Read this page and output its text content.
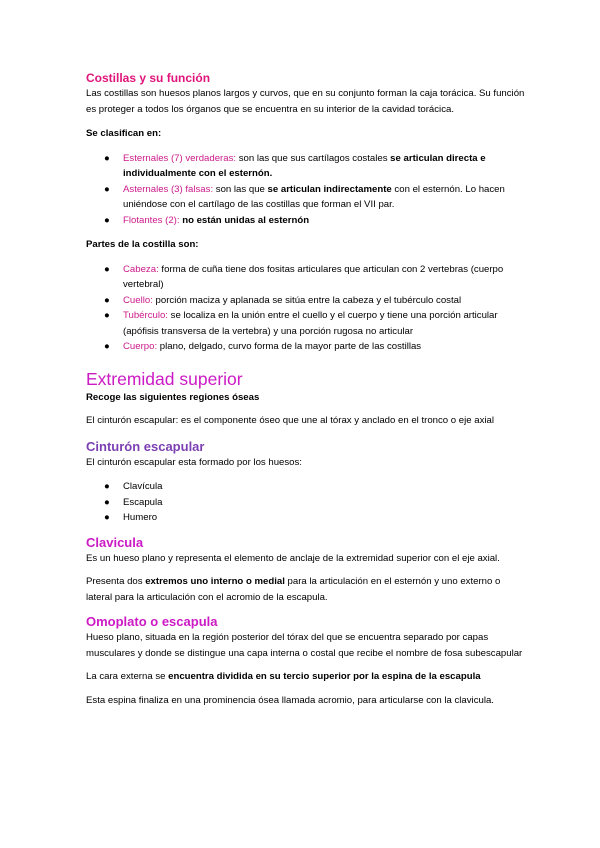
Costillas y su función

Las costillas son huesos planos largos y curvos, que en su conjunto forman la caja torácica. Su función es proteger a todos los órganos que se encuentra en su interior de la cavidad torácica.

Se clasifican en:

● Esternales (7) verdaderas: son las que sus cartílagos costales se articulan directa e individualmente con el esternón.
● Asternales (3) falsas: son las que se articulan indirectamente con el esternón. Lo hacen uniéndose con el cartílago de las costillas que forman el VII par.
● Flotantes (2): no están unidas al esternón

Partes de la costilla son:

● Cabeza: forma de cuña tiene dos fositas articulares que articulan con 2 vertebras (cuerpo vertebral)
● Cuello: porción maciza y aplanada se sitúa entre la cabeza y el tubérculo costal
● Tubérculo: se localiza en la unión entre el cuello y el cuerpo y tiene una porción articular (apófisis transversa de la vertebra) y una porción rugosa no articular
● Cuerpo: plano, delgado, curvo forma de la mayor parte de las costillas
Extremidad superior

Recoge las siguientes regiones óseas

El cinturón escapular: es el componente óseo que une al tórax y anclado en el tronco o eje axial

Cinturón escapular

El cinturón escapular esta formado por los huesos:

● Clavícula
● Escapula
● Humero
Clavicula

Es un hueso plano y representa el elemento de anclaje de la extremidad superior con el eje axial.

Presenta dos extremos uno interno o medial para la articulación en el esternón y uno externo o lateral para la articulación con el acromio de la escapula.

Omoplato o escapula

Hueso plano, situada en la región posterior del tórax del que se encuentra separado por capas musculares y donde se distingue una capa interna o costal que recibe el nombre de fosa subescapular

La cara externa se encuentra dividida en su tercio superior por la espina de la escapula

Esta espina finaliza en una prominencia ósea llamada acromio, para articularse con la clavicula.
